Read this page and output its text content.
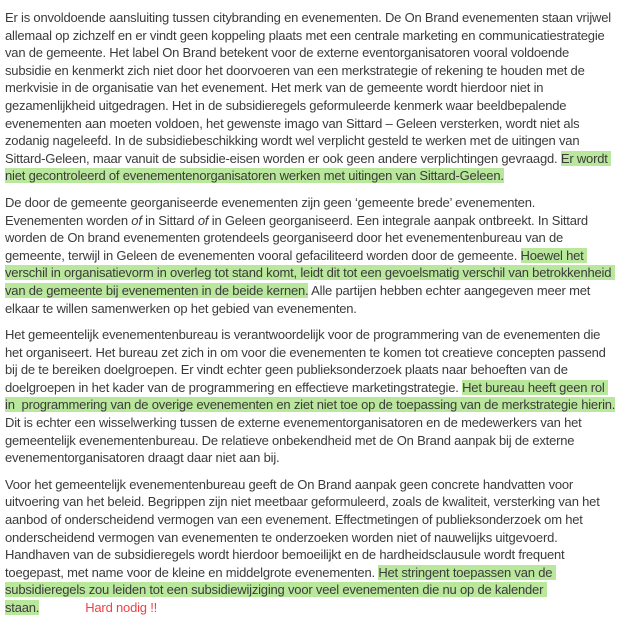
Er is onvoldoende aansluiting tussen citybranding en evenementen. De On Brand evenementen staan vrijwel allemaal op zichzelf en er vindt geen koppeling plaats met een centrale marketing en communicatiestrategie van de gemeente. Het label On Brand betekent voor de externe eventorganisatoren vooral voldoende subsidie en kenmerkt zich niet door het doorvoeren van een merkstrategie of rekening te houden met de merkvisie in de organisatie van het evenement. Het merk van de gemeente wordt hierdoor niet in gezamenlijkheid uitgedragen. Het in de subsidieregels geformuleerde kenmerk waar beeldbepalende evenementen aan moeten voldoen, het gewenste imago van Sittard – Geleen versterken, wordt niet als zodanig nageleefd. In de subsidiebeschikking wordt wel verplicht gesteld te werken met de uitingen van Sittard-Geleen, maar vanuit de subsidie-eisen worden er ook geen andere verplichtingen gevraagd. Er wordt niet gecontroleerd of evenementenorganisatoren werken met uitingen van Sittard-Geleen.

De door de gemeente georganiseerde evenementen zijn geen ‘gemeente brede’ evenementen. Evenementen worden of in Sittard of in Geleen georganiseerd. Een integrale aanpak ontbreekt. In Sittard worden de On brand evenementen grotendeels georganiseerd door het evenementenbureau van de gemeente, terwijl in Geleen de evenementen vooral gefaciliteerd worden door de gemeente. Hoewel het verschil in organisatievorm in overleg tot stand komt, leidt dit tot een gevoelsmatig verschil van betrokkenheid van de gemeente bij evenementen in de beide kernen. Alle partijen hebben echter aangegeven meer met elkaar te willen samenwerken op het gebied van evenementen.

Het gemeentelijk evenementenbureau is verantwoordelijk voor de programmering van de evenementen die het organiseert. Het bureau zet zich in om voor die evenementen te komen tot creatieve concepten passend bij de te bereiken doelgroepen. Er vindt echter geen publieksonderzoek plaats naar behoeften van de doelgroepen in het kader van de programmering en effectieve marketingstrategie. Het bureau heeft geen rol in  programmering van de overige evenementen en ziet niet toe op de toepassing van de merkstrategie hierin. Dit is echter een wisselwerking tussen de externe evenementorganisatoren en de medewerkers van het gemeentelijk evenementenbureau. De relatieve onbekendheid met de On Brand aanpak bij de externe evenementorganisatoren draagt daar niet aan bij.

Voor het gemeentelijk evenementenbureau geeft de On Brand aanpak geen concrete handvatten voor uitvoering van het beleid. Begrippen zijn niet meetbaar geformuleerd, zoals de kwaliteit, versterking van het aanbod of onderscheidend vermogen van een evenement. Effectmetingen of publieksonderzoek om het onderscheidend vermogen van evenementen te onderzoeken worden niet of nauwelijks uitgevoerd. Handhaven van de subsidieregels wordt hierdoor bemoeilijkt en de hardheidsclausule wordt frequent toegepast, met name voor de kleine en middelgrote evenementen. Het stringent toepassen van de subsidieregels zou leiden tot een subsidiewijziging voor veel evenementen die nu op de kalender staan.	Hard nodig !!
